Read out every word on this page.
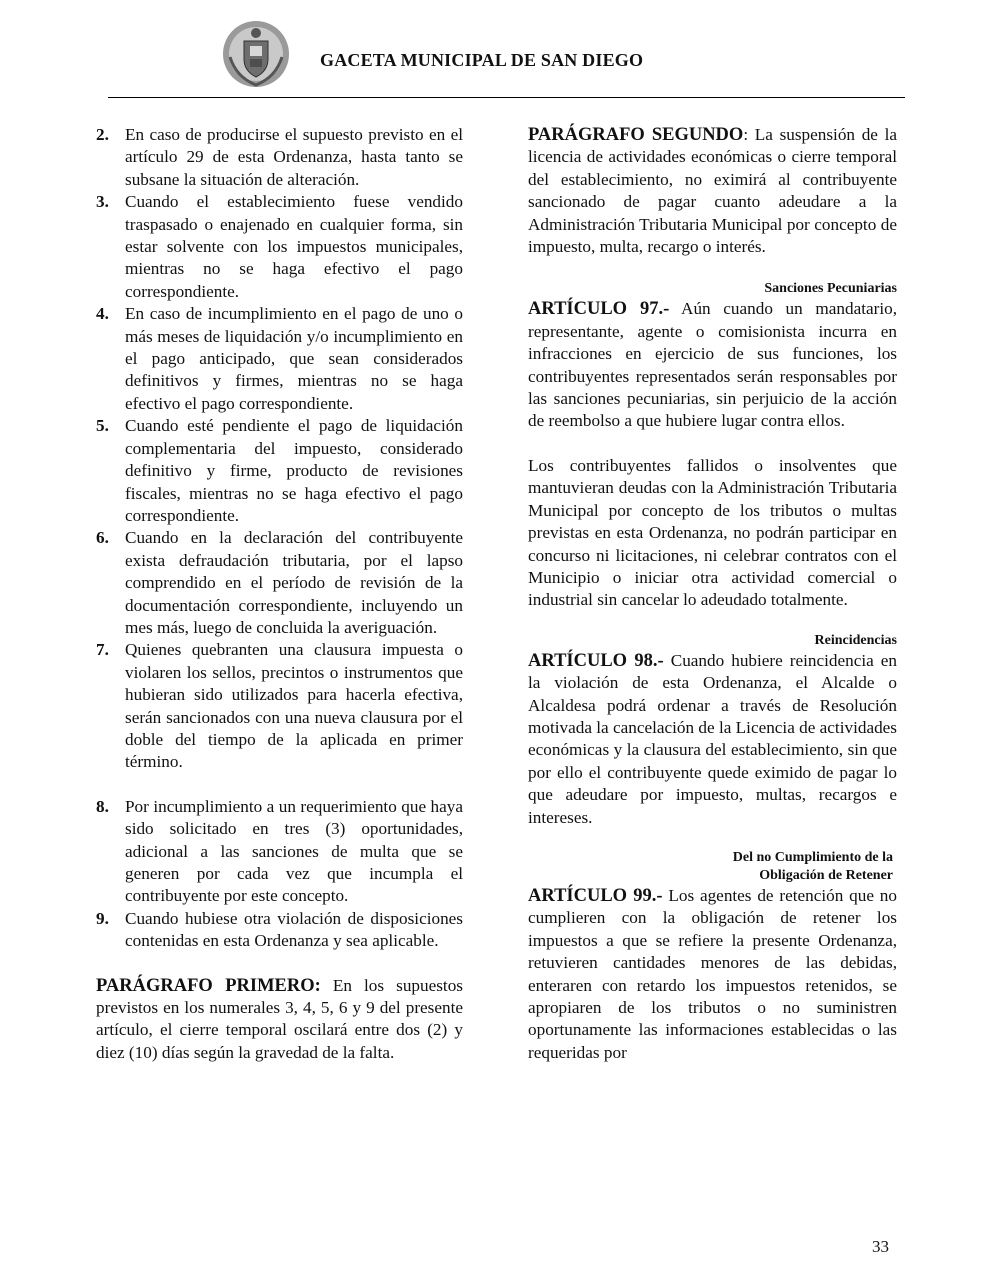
GACETA MUNICIPAL DE SAN DIEGO
2. En caso de producirse el supuesto previsto en el artículo 29 de esta Ordenanza, hasta tanto se subsane la situación de alteración.
3. Cuando el establecimiento fuese vendido traspasado o enajenado en cualquier forma, sin estar solvente con los impuestos municipales, mientras no se haga efectivo el pago correspondiente.
4. En caso de incumplimiento en el pago de uno o más meses de liquidación y/o incumplimiento en el pago anticipado, que sean considerados definitivos y firmes, mientras no se haga efectivo el pago correspondiente.
5. Cuando esté pendiente el pago de liquidación complementaria del impuesto, considerado definitivo y firme, producto de revisiones fiscales, mientras no se haga efectivo el pago correspondiente.
6. Cuando en la declaración del contribuyente exista defraudación tributaria, por el lapso comprendido en el período de revisión de la documentación correspondiente, incluyendo un mes más, luego de concluida la averiguación.
7. Quienes quebranten una clausura impuesta o violaren los sellos, precintos o instrumentos que hubieran sido utilizados para hacerla efectiva, serán sancionados con una nueva clausura por el doble del tiempo de la aplicada en primer término.
8. Por incumplimiento a un requerimiento que haya sido solicitado en tres (3) oportunidades, adicional a las sanciones de multa que se generen por cada vez que incumpla el contribuyente por este concepto.
9. Cuando hubiese otra violación de disposiciones contenidas en esta Ordenanza y sea aplicable.

PARÁGRAFO PRIMERO: En los supuestos previstos en los numerales 3, 4, 5, 6 y 9 del presente artículo, el cierre temporal oscilará entre dos (2) y diez (10) días según la gravedad de la falta.

PARÁGRAFO SEGUNDO: La suspensión de la licencia de actividades económicas o cierre temporal del establecimiento, no eximirá al contribuyente sancionado de pagar cuanto adeudare a la Administración Tributaria Municipal por concepto de impuesto, multa, recargo o interés.

Sanciones Pecuniarias

ARTÍCULO 97.- Aún cuando un mandatario, representante, agente o comisionista incurra en infracciones en ejercicio de sus funciones, los contribuyentes representados serán responsables por las sanciones pecuniarias, sin perjuicio de la acción de reembolso a que hubiere lugar contra ellos.

Los contribuyentes fallidos o insolventes que mantuvieran deudas con la Administración Tributaria Municipal por concepto de los tributos o multas previstas en esta Ordenanza, no podrán participar en concurso ni licitaciones, ni celebrar contratos con el Municipio o iniciar otra actividad comercial o industrial sin cancelar lo adeudado totalmente.

Reincidencias

ARTÍCULO 98.- Cuando hubiere reincidencia en la violación de esta Ordenanza, el Alcalde o Alcaldesa podrá ordenar a través de Resolución motivada la cancelación de la Licencia de actividades económicas y la clausura del establecimiento, sin que por ello el contribuyente quede eximido de pagar lo que adeudare por impuesto, multas, recargos e intereses.

Del no Cumplimiento de la
Obligación de Retener

ARTÍCULO 99.- Los agentes de retención que no cumplieren con la obligación de retener los impuestos a que se refiere la presente Ordenanza, retuvieren cantidades menores de las debidas, enteraren con retardo los impuestos retenidos, se apropiaren de los tributos o no suministren oportunamente las informaciones establecidas o las requeridas por

33
